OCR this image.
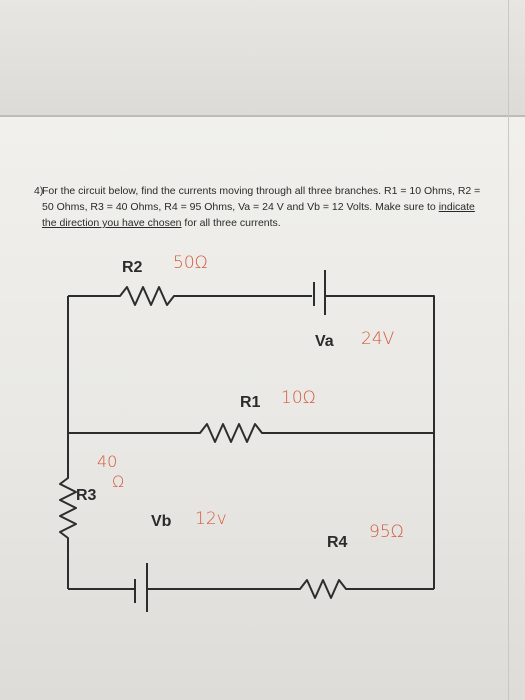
4)
For the circuit below, find the currents moving through all three branches. R1 = 10 Ohms, R2 = 50 Ohms, R3 = 40 Ohms, R4 = 95 Ohms, Va = 24 V and Vb = 12 Volts. Make sure to indicate the direction you have chosen for all three currents.
R2 50Ω
Va 24V
R1 10Ω
40
Ω
R3
Vb 12v
R4
95Ω
